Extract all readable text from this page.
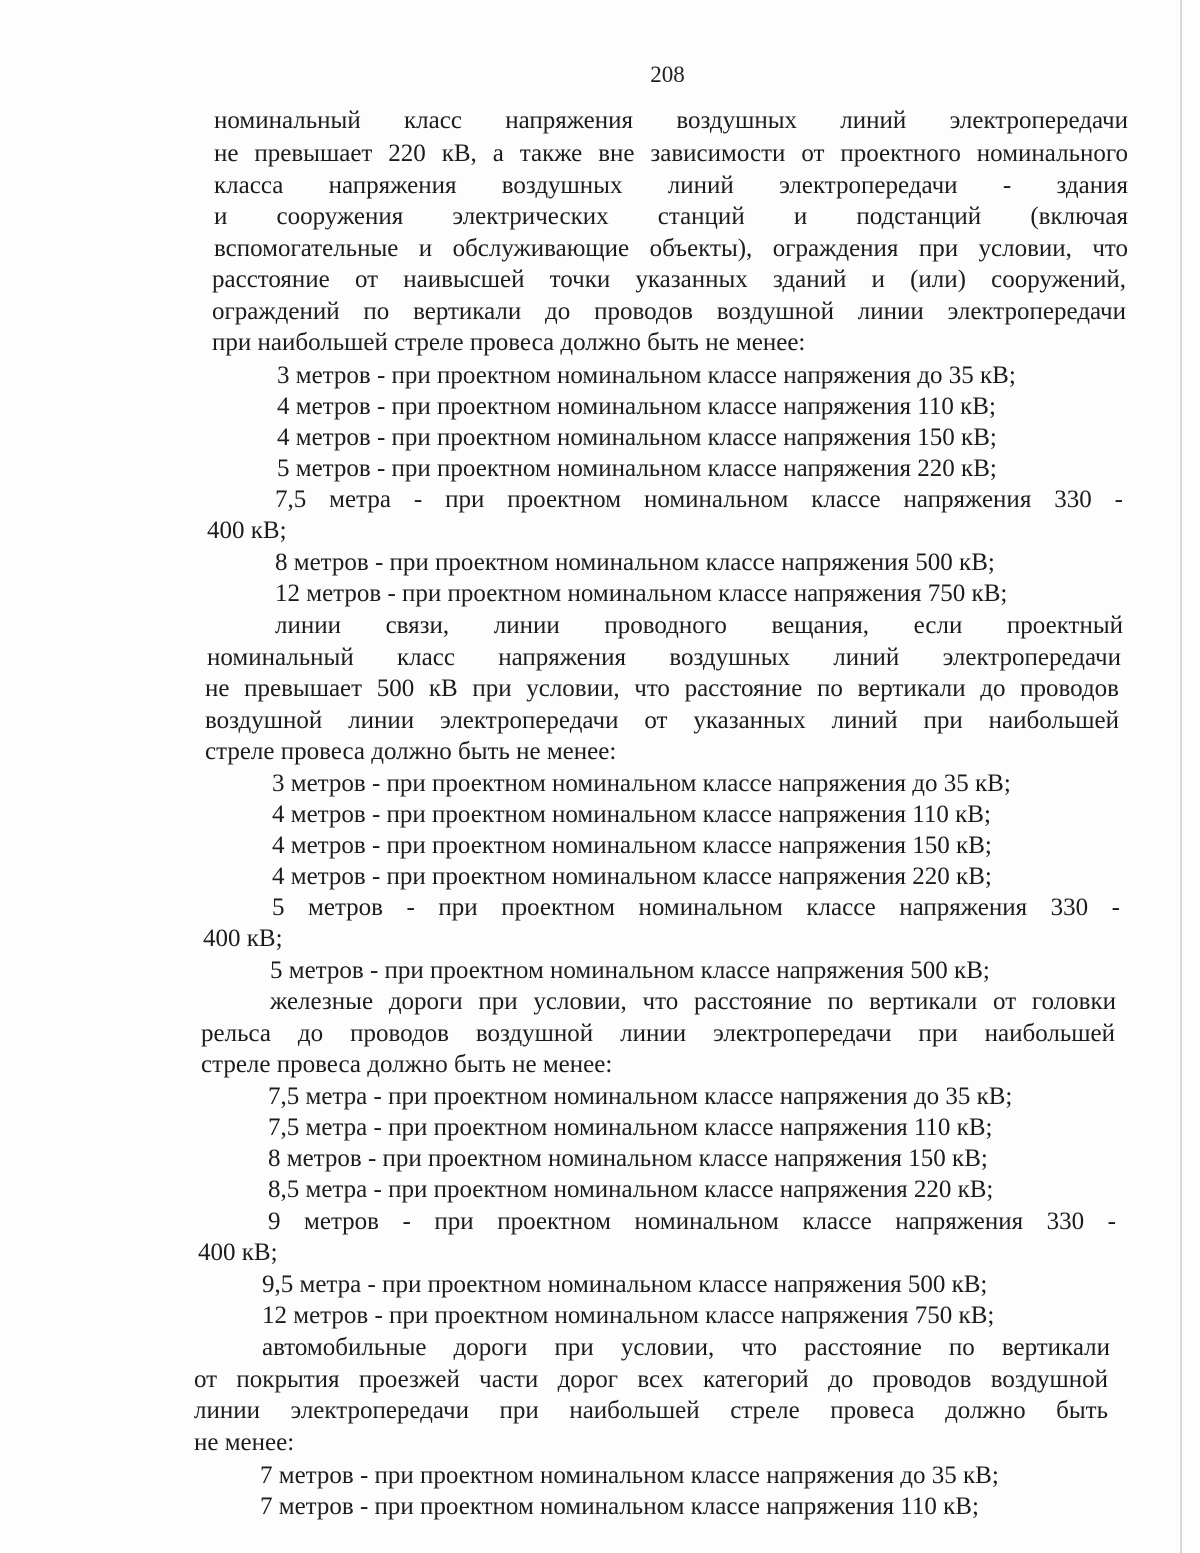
208
номинальный класс напряжения воздушных линий электропередачи
не превышает 220 кВ, а также вне зависимости от проектного номинального
класса напряжения воздушных линий электропередачи - здания
и сооружения электрических станций и подстанций (включая
вспомогательные и обслуживающие объекты), ограждения при условии, что
расстояние от наивысшей точки указанных зданий и (или) сооружений,
ограждений по вертикали до проводов воздушной линии электропередачи
при наибольшей стреле провеса должно быть не менее:
3 метров - при проектном номинальном классе напряжения до 35 кВ;
4 метров - при проектном номинальном классе напряжения 110 кВ;
4 метров - при проектном номинальном классе напряжения 150 кВ;
5 метров - при проектном номинальном классе напряжения 220 кВ;
7,5 метра - при проектном номинальном классе напряжения 330 -
400 кВ;
8 метров - при проектном номинальном классе напряжения 500 кВ;
12 метров - при проектном номинальном классе напряжения 750 кВ;
линии связи, линии проводного вещания, если проектный
номинальный класс напряжения воздушных линий электропередачи
не превышает 500 кВ при условии, что расстояние по вертикали до проводов
воздушной линии электропередачи от указанных линий при наибольшей
стреле провеса должно быть не менее:
3 метров - при проектном номинальном классе напряжения до 35 кВ;
4 метров - при проектном номинальном классе напряжения 110 кВ;
4 метров - при проектном номинальном классе напряжения 150 кВ;
4 метров - при проектном номинальном классе напряжения 220 кВ;
5 метров - при проектном номинальном классе напряжения 330 -
400 кВ;
5 метров - при проектном номинальном классе напряжения 500 кВ;
железные дороги при условии, что расстояние по вертикали от головки
рельса до проводов воздушной линии электропередачи при наибольшей
стреле провеса должно быть не менее:
7,5 метра - при проектном номинальном классе напряжения до 35 кВ;
7,5 метра - при проектном номинальном классе напряжения 110 кВ;
8 метров - при проектном номинальном классе напряжения 150 кВ;
8,5 метра - при проектном номинальном классе напряжения 220 кВ;
9 метров - при проектном номинальном классе напряжения 330 -
400 кВ;
9,5 метра - при проектном номинальном классе напряжения 500 кВ;
12 метров - при проектном номинальном классе напряжения 750 кВ;
автомобильные дороги при условии, что расстояние по вертикали
от покрытия проезжей части дорог всех категорий до проводов воздушной
линии электропередачи при наибольшей стреле провеса должно быть
не менее:
7 метров - при проектном номинальном классе напряжения до 35 кВ;
7 метров - при проектном номинальном классе напряжения 110 кВ;
